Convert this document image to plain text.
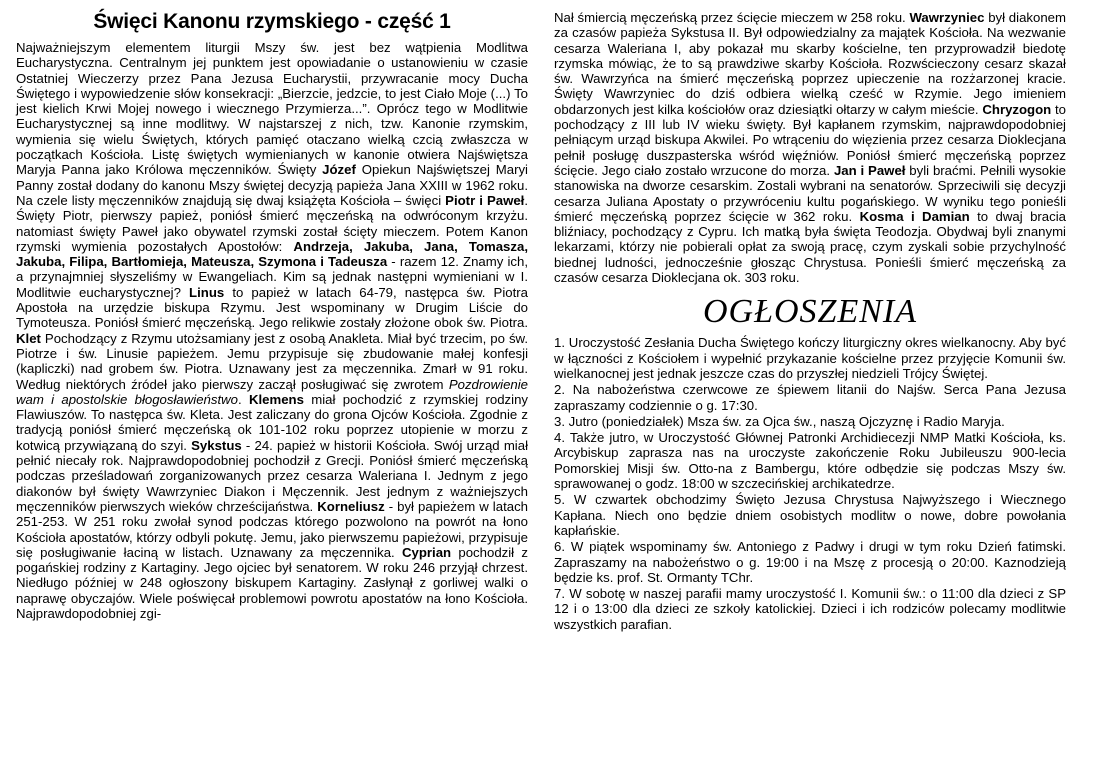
Święci Kanonu rzymskiego - część 1

Najważniejszym elementem liturgii Mszy św. jest bez wątpienia Modlitwa Eucharystyczna. Centralnym jej punktem jest opowiadanie o ustanowieniu w czasie Ostatniej Wieczerzy przez Pana Jezusa Eucharystii, przywracanie mocy Ducha Świętego i wypowiedzenie słów konsekracji: „Bierzcie, jedzcie, to jest Ciało Moje (...) To jest kielich Krwi Mojej nowego i wiecznego Przymierza...”. Oprócz tego w Modlitwie Eucharystycznej są inne modlitwy. W najstarszej z nich, tzw. Kanonie rzymskim, wymienia się wielu Świętych, których pamięć otaczano wielką czcią zwłaszcza w początkach Kościoła. Listę świętych wymienianych w kanonie otwiera Najświętsza Maryja Panna jako Królowa męczenników. Święty Józef Opiekun Najświętszej Maryi Panny został dodany do kanonu Mszy świętej decyzją papieża Jana XXIII w 1962 roku. Na czele listy męczenników znajdują się dwaj książęta Kościoła – święci Piotr i Paweł. Święty Piotr, pierwszy papież, poniósł śmierć męczeńską na odwróconym krzyżu. natomiast święty Paweł jako obywatel rzymski został ścięty mieczem. Potem Kanon rzymski wymienia pozostałych Apostołów: Andrzeja, Jakuba, Jana, Tomasza, Jakuba, Filipa, Bartłomieja, Mateusza, Szymona i Tadeusza - razem 12. Znamy ich, a przynajmniej słyszeliśmy w Ewangeliach. Kim są jednak następni wymieniani w I. Modlitwie eucharystycznej? Linus to papież w latach 64-79, następca św. Piotra Apostoła na urzędzie biskupa Rzymu. Jest wspominany w Drugim Liście do Tymoteusza. Poniósł śmierć męczeńską. Jego relikwie zostały złożone obok św. Piotra. Klet Pochodzący z Rzymu utożsamiany jest z osobą Anakleta. Miał być trzecim, po św. Piotrze i św. Linusie papieżem. Jemu przypisuje się zbudowanie małej konfesji (kapliczki) nad grobem św. Piotra. Uznawany jest za męczennika. Zmarł w 91 roku. Według niektórych źródeł jako pierwszy zaczął posługiwać się zwrotem Pozdrowienie wam i apostolskie błogosławieństwo. Klemens miał pochodzić z rzymskiej rodziny Flawiuszów. To następca św. Kleta. Jest zaliczany do grona Ojców Kościoła. Zgodnie z tradycją poniósł śmierć męczeńską ok 101-102 roku poprzez utopienie w morzu z kotwicą przywiązaną do szyi. Sykstus - 24. papież w historii Kościoła. Swój urząd miał pełnić niecały rok. Najprawdopodobniej pochodził z Grecji. Poniósł śmierć męczeńską podczas prześladowań zorganizowanych przez cesarza Waleriana I. Jednym z jego diakonów był święty Wawrzyniec Diakon i Męczennik. Jest jednym z ważniejszych męczenników pierwszych wieków chrześcijaństwa. Korneliusz - był papieżem w latach 251-253. W 251 roku zwołał synod podczas którego pozwolono na powrót na łono Kościoła apostatów, którzy odbyli pokutę. Jemu, jako pierwszemu papieżowi, przypisuje się posługiwanie łaciną w listach. Uznawany za męczennika. Cyprian pochodził z pogańskiej rodziny z Kartaginy. Jego ojciec był senatorem. W roku 246 przyjął chrzest. Niedługo później w 248 ogłoszony biskupem Kartaginy. Zasłynął z gorliwej walki o naprawę obyczajów. Wiele poświęcał problemowi powrotu apostatów na łono Kościoła. Najprawdopodobniej zgi-

Nał śmiercią męczeńską przez ścięcie mieczem w 258 roku. Wawrzyniec był diakonem za czasów papieża Sykstusa II. Był odpowiedzialny za majątek Kościoła. Na wezwanie cesarza Waleriana I, aby pokazał mu skarby kościelne, ten przyprowadził biedotę rzymska mówiąc, że to są prawdziwe skarby Kościoła. Rozwścieczony cesarz skazał św. Wawrzyńca na śmierć męczeńską poprzez upieczenie na rozżarzonej kracie. Święty Wawrzyniec do dziś odbiera wielką cześć w Rzymie. Jego imieniem obdarzonych jest kilka kościołów oraz dziesiątki ołtarzy w całym mieście. Chryzogon to pochodzący z III lub IV wieku święty. Był kapłanem rzymskim, najprawdopodobniej pełniącym urząd biskupa Akwilei. Po wtrąceniu do więzienia przez cesarza Dioklecjana pełnił posługę duszpasterska wśród więźniów. Poniósł śmierć męczeńską poprzez ścięcie. Jego ciało zostało wrzucone do morza. Jan i Paweł byli braćmi. Pełnili wysokie stanowiska na dworze cesarskim. Zostali wybrani na senatorów. Sprzeciwili się decyzji cesarza Juliana Apostaty o przywróceniu kultu pogańskiego. W wyniku tego ponieśli śmierć męczeńską poprzez ścięcie w 362 roku. Kosma i Damian to dwaj bracia bliźniacy, pochodzący z Cypru. Ich matką była święta Teodozja. Obydwaj byli znanymi lekarzami, którzy nie pobierali opłat za swoją pracę, czym zyskali sobie przychylność biednej ludności, jednocześnie głosząc Chrystusa. Ponieśli śmierć męczeńską za czasów cesarza Dioklecjana ok. 303 roku.

OGŁOSZENIA

1. Uroczystość Zesłania Ducha Świętego kończy liturgiczny okres wielkanocny. Aby być w łączności z Kościołem i wypełnić przykazanie kościelne przez przyjęcie Komunii św. wielkanocnej jest jednak jeszcze czas do przyszłej niedzieli Trójcy Świętej.

2. Na nabożeństwa czerwcowe ze śpiewem litanii do Najśw. Serca Pana Jezusa zapraszamy codziennie o g. 17:30.

3. Jutro (poniedziałek) Msza św. za Ojca św., naszą Ojczyznę i Radio Maryja.

4. Także jutro, w Uroczystość Głównej Patronki Archidiecezji NMP Matki Kościoła, ks. Arcybiskup zaprasza nas na uroczyste zakończenie Roku Jubileuszu 900-lecia Pomorskiej Misji św. Otto-na z Bambergu, które odbędzie się podczas Mszy św. sprawowanej o godz. 18:00 w szczecińskiej archikatedrze.

5. W czwartek obchodzimy Święto Jezusa Chrystusa Najwyższego i Wiecznego Kapłana. Niech ono będzie dniem osobistych modlitw o nowe, dobre powołania kapłańskie.

6. W piątek wspominamy św. Antoniego z Padwy i drugi w tym roku Dzień fatimski. Zapraszamy na nabożeństwo o g. 19:00 i na Mszę z procesją o 20:00. Kaznodzieją będzie ks. prof. St. Ormanty TChr.

7. W sobotę w naszej parafii mamy uroczystość I. Komunii św.: o 11:00 dla dzieci z SP 12 i o 13:00 dla dzieci ze szkoły katolickiej. Dzieci i ich rodziców polecamy modlitwie wszystkich parafian.
